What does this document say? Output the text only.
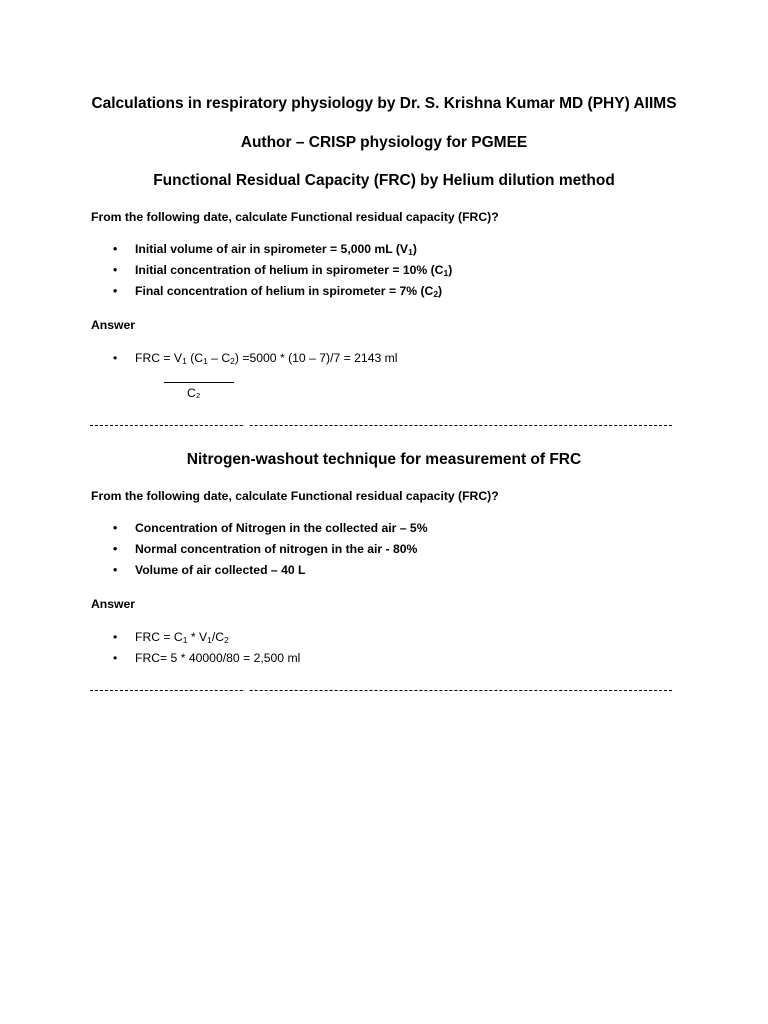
Calculations in respiratory physiology by Dr. S. Krishna Kumar MD (PHY) AIIMS
Author – CRISP physiology for PGMEE
Functional Residual Capacity (FRC) by Helium dilution method
From the following date, calculate Functional residual capacity (FRC)?
• Initial volume of air in spirometer = 5,000 mL $(V_1)$
• Initial concentration of helium in spirometer = 10% $(C_1)$
• Final concentration of helium in spirometer = 7% $(C_2)$
Answer
• FRC = $V_1$ $(C_1 - C_2) =5000 * (10 - 7)/7 = 2143$ ml
C₂
Nitrogen-washout technique for measurement of FRC
From the following date, calculate Functional residual capacity (FRC)?
• Concentration of Nitrogen in the collected air – 5%
• Normal concentration of nitrogen in the air - 80%
• Volume of air collected – 40 L
Answer
• FRC = $C_1 * V_1/C_2$
• FRC= 5 * 40000/80 = 2,500 ml
